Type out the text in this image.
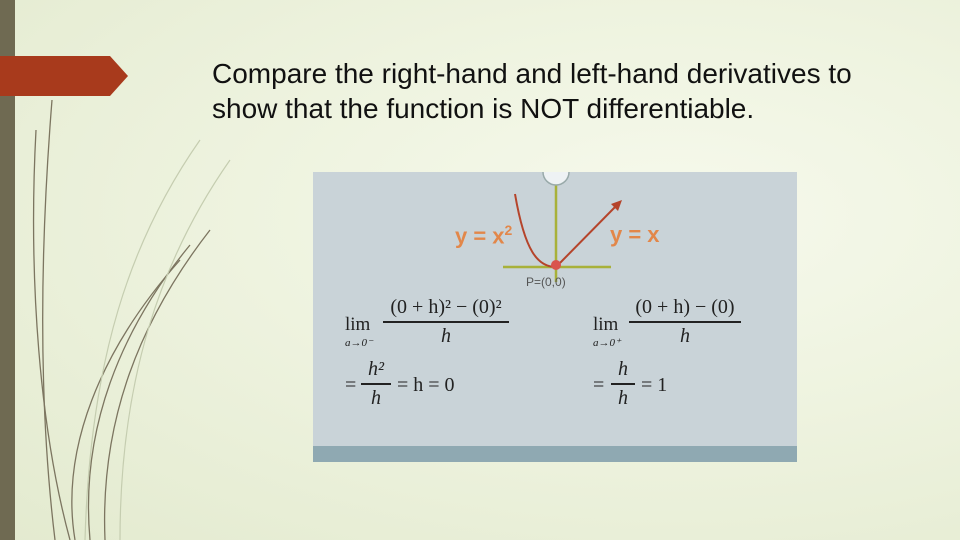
Compare the right-hand and left-hand derivatives to show that the function is NOT differentiable.
$y = x^2$	y = x
P=(0,0)
lim
a→0⁻
(0 + h)² − (0)²
h
=
h²
h
= h = 0
lim
a→0⁺
(0 + h) − (0)
h
=
h
h
= 1
